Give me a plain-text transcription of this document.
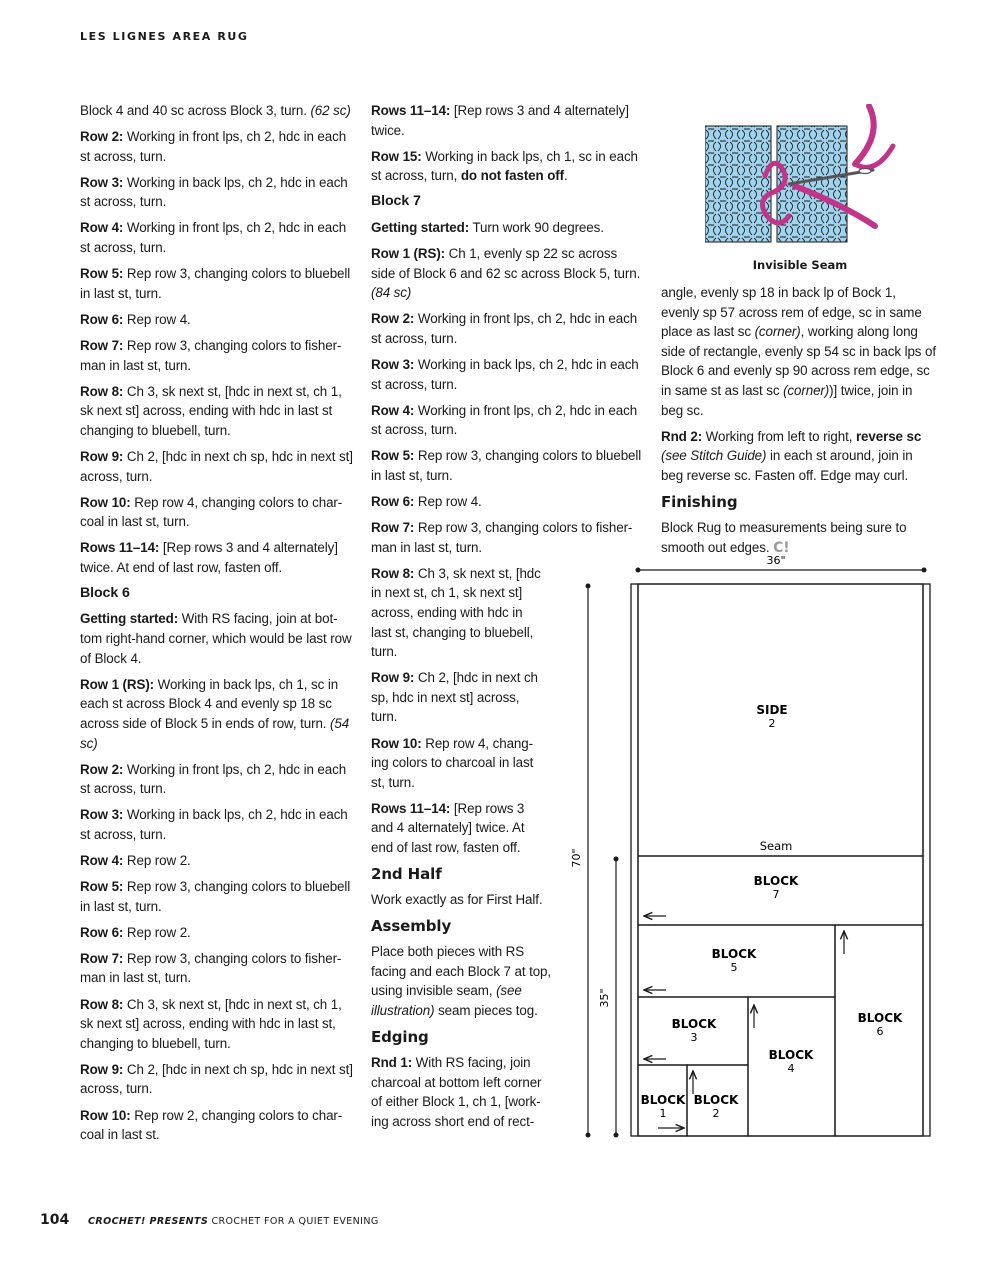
LES LIGNES AREA RUG

Block 4 and 40 sc across Block 3, turn. (62 sc)

Row 2: Working in front lps, ch 2, hdc in each st across, turn.

Row 3: Working in back lps, ch 2, hdc in each st across, turn.

Row 4: Working in front lps, ch 2, hdc in each st across, turn.

Row 5: Rep row 3, changing colors to bluebell in last st, turn.

Row 6: Rep row 4.

Row 7: Rep row 3, changing colors to fisher-man in last st, turn.

Row 8: Ch 3, sk next st, [hdc in next st, ch 1, sk next st] across, ending with hdc in last st changing to bluebell, turn.

Row 9: Ch 2, [hdc in next ch sp, hdc in next st] across, turn.

Row 10: Rep row 4, changing colors to char-coal in last st, turn.

Rows 11–14: [Rep rows 3 and 4 alternately] twice. At end of last row, fasten off.

Block 6

Getting started: With RS facing, join at bot-tom right-hand corner, which would be last row of Block 4.

Row 1 (RS): Working in back lps, ch 1, sc in each st across Block 4 and evenly sp 18 sc across side of Block 5 in ends of row, turn. (54 sc)

Row 2: Working in front lps, ch 2, hdc in each st across, turn.

Row 3: Working in back lps, ch 2, hdc in each st across, turn.

Row 4: Rep row 2.

Row 5: Rep row 3, changing colors to bluebell in last st, turn.

Row 6: Rep row 2.

Row 7: Rep row 3, changing colors to fisher-man in last st, turn.

Row 8: Ch 3, sk next st, [hdc in next st, ch 1, sk next st] across, ending with hdc in last st, changing to bluebell, turn.

Row 9: Ch 2, [hdc in next ch sp, hdc in next st] across, turn.

Row 10: Rep row 2, changing colors to char-coal in last st.

Rows 11–14: [Rep rows 3 and 4 alternately] twice.

Row 15: Working in back lps, ch 1, sc in each st across, turn, do not fasten off.

Block 7

Getting started: Turn work 90 degrees.

Row 1 (RS): Ch 1, evenly sp 22 sc across side of Block 6 and 62 sc across Block 5, turn. (84 sc)

Row 2: Working in front lps, ch 2, hdc in each st across, turn.

Row 3: Working in back lps, ch 2, hdc in each st across, turn.

Row 4: Working in front lps, ch 2, hdc in each st across, turn.

Row 5: Rep row 3, changing colors to bluebell in last st, turn.

Row 6: Rep row 4.

Row 7: Rep row 3, changing colors to fisher-man in last st, turn.

Row 8: Ch 3, sk next st, [hdc in next st, ch 1, sk next st] across, ending with hdc in last st, changing to bluebell, turn.

Row 9: Ch 2, [hdc in next ch sp, hdc in next st] across, turn.

Row 10: Rep row 4, chang-ing colors to charcoal in last st, turn.

Rows 11–14: [Rep rows 3 and 4 alternately] twice. At end of last row, fasten off.

2nd Half

Work exactly as for First Half.

Assembly

Place both pieces with RS facing and each Block 7 at top, using invisible seam, (see illustration) seam pieces tog.

Edging

Rnd 1: With RS facing, join charcoal at bottom left corner of either Block 1, ch 1, [work-ing across short end of rect-

Invisible Seam

angle, evenly sp 18 in back lp of Bock 1, evenly sp 57 across rem of edge, sc in same place as last sc (corner), working along long side of rectangle, evenly sp 54 sc in back lps of Block 6 and evenly sp 90 across rem edge, sc in same st as last sc (corner))] twice, join in beg sc.

Rnd 2: Working from left to right, reverse sc (see Stitch Guide) in each st around, join in beg reverse sc. Fasten off. Edge may curl.

Finishing

Block Rug to measurements being sure to smooth out edges. C!

36"
70"
35"
SIDE
2
Seam
BLOCK
7
BLOCK
5
BLOCK
6
BLOCK
3
BLOCK
4
BLOCK
1
BLOCK
2
104 CROCHET! PRESENTS CROCHET FOR A QUIET EVENING
